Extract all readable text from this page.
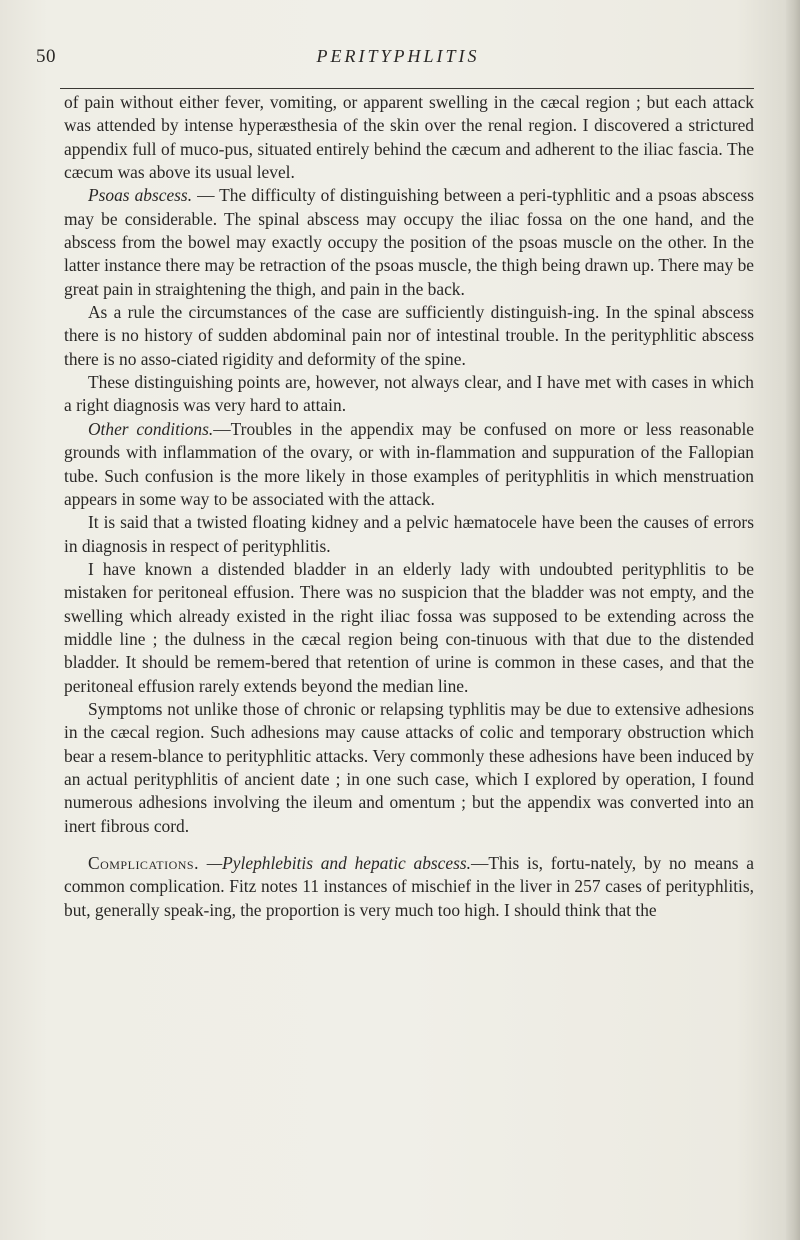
PERITYPHLITIS
50

of pain without either fever, vomiting, or apparent swelling in the cæcal region ; but each attack was attended by intense hyperæsthesia of the skin over the renal region. I discovered a strictured appendix full of muco-pus, situated entirely behind the cæcum and adherent to the iliac fascia. The cæcum was above its usual level.

Psoas abscess. — The difficulty of distinguishing between a peri-typhlitic and a psoas abscess may be considerable. The spinal abscess may occupy the iliac fossa on the one hand, and the abscess from the bowel may exactly occupy the position of the psoas muscle on the other. In the latter instance there may be retraction of the psoas muscle, the thigh being drawn up. There may be great pain in straightening the thigh, and pain in the back.

As a rule the circumstances of the case are sufficiently distinguish-ing. In the spinal abscess there is no history of sudden abdominal pain nor of intestinal trouble. In the perityphlitic abscess there is no asso-ciated rigidity and deformity of the spine.

These distinguishing points are, however, not always clear, and I have met with cases in which a right diagnosis was very hard to attain.

Other conditions.—Troubles in the appendix may be confused on more or less reasonable grounds with inflammation of the ovary, or with in-flammation and suppuration of the Fallopian tube. Such confusion is the more likely in those examples of perityphlitis in which menstruation appears in some way to be associated with the attack.

It is said that a twisted floating kidney and a pelvic hæmatocele have been the causes of errors in diagnosis in respect of perityphlitis.

I have known a distended bladder in an elderly lady with undoubted perityphlitis to be mistaken for peritoneal effusion. There was no suspicion that the bladder was not empty, and the swelling which already existed in the right iliac fossa was supposed to be extending across the middle line ; the dulness in the cæcal region being con-tinuous with that due to the distended bladder. It should be remem-bered that retention of urine is common in these cases, and that the peritoneal effusion rarely extends beyond the median line.

Symptoms not unlike those of chronic or relapsing typhlitis may be due to extensive adhesions in the cæcal region. Such adhesions may cause attacks of colic and temporary obstruction which bear a resem-blance to perityphlitic attacks. Very commonly these adhesions have been induced by an actual perityphlitis of ancient date ; in one such case, which I explored by operation, I found numerous adhesions involving the ileum and omentum ; but the appendix was converted into an inert fibrous cord.

Complications. —Pylephlebitis and hepatic abscess.—This is, fortu-nately, by no means a common complication. Fitz notes 11 instances of mischief in the liver in 257 cases of perityphlitis, but, generally speak-ing, the proportion is very much too high. I should think that the
